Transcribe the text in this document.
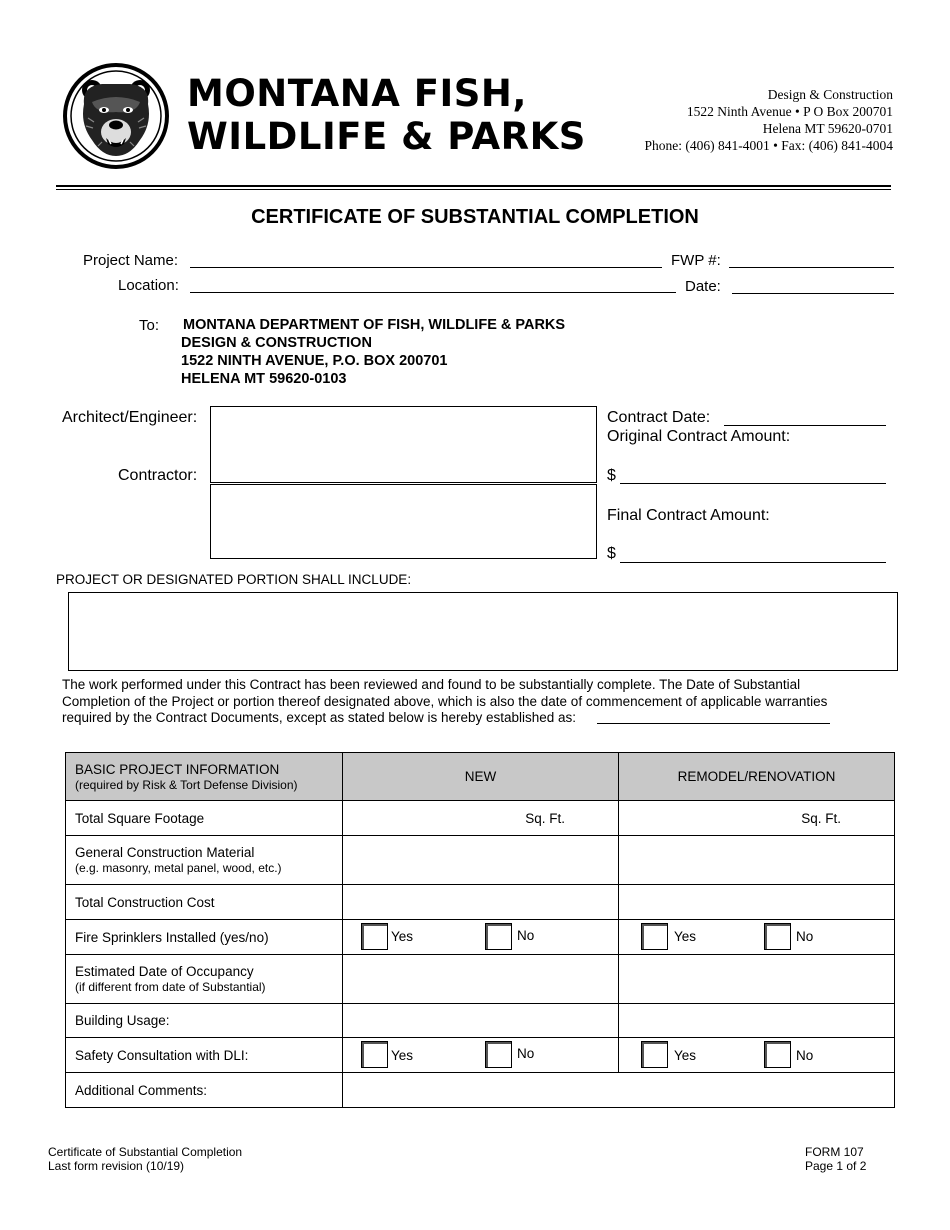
MONTANA FISH,
WILDLIFE & PARKS
Design & Construction
1522 Ninth Avenue • P O Box 200701
Helena MT 59620-0701
Phone: (406) 841-4001 • Fax: (406) 841-4004
CERTIFICATE OF SUBSTANTIAL COMPLETION
Project Name:	FWP #:
Location:	Date:
To: MONTANA DEPARTMENT OF FISH, WILDLIFE & PARKS
DESIGN & CONSTRUCTION
1522 NINTH AVENUE, P.O. BOX 200701
HELENA MT 59620-0103
Architect/Engineer:
Contractor:
Contract Date:
Original Contract Amount:
$
Final Contract Amount:
$
PROJECT OR DESIGNATED PORTION SHALL INCLUDE:
The work performed under this Contract has been reviewed and found to be substantially complete. The Date of Substantial
Completion of the Project or portion thereof designated above, which is also the date of commencement of applicable warranties
required by the Contract Documents, except as stated below is hereby established as:
BASIC PROJECT INFORMATION
(required by Risk & Tort Defense Division)	NEW	REMODEL/RENOVATION
Total Square Footage	Sq. Ft.	Sq. Ft.

General Construction Material
(e.g. masonry, metal panel, wood, etc.)		

Total Construction Cost		
Fire Sprinklers Installed (yes/no)	Yes No	Yes No

Estimated Date of Occupancy
(if different from date of Substantial)		

Building Usage:		
Safety Consultation with DLI:	Yes No	Yes No

Additional Comments:		
Certificate of Substantial Completion
Last form revision (10/19)
FORM 107
Page 1 of 2
